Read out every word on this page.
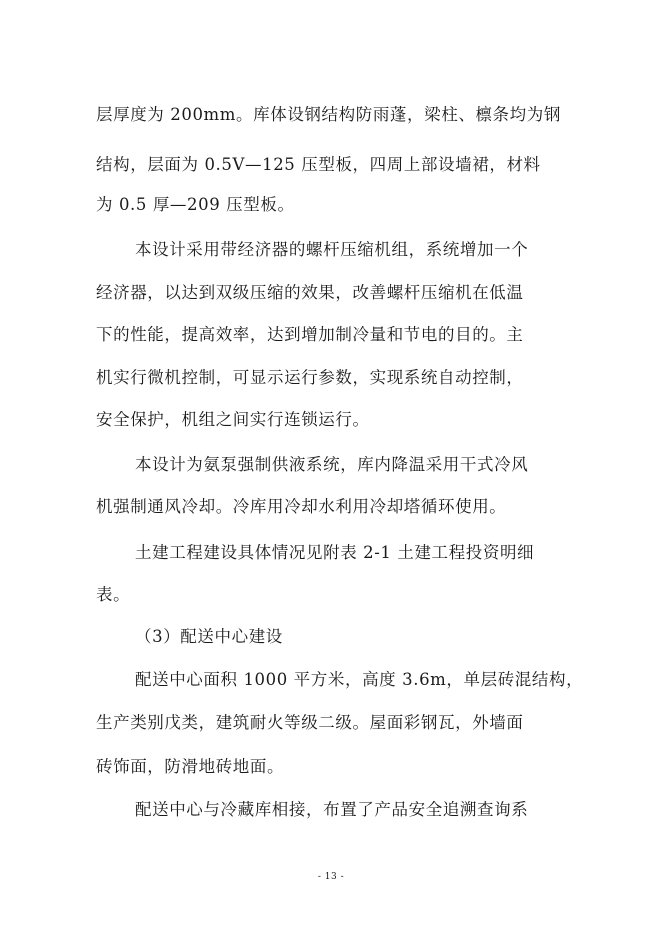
层厚度为 200mm。库体设钢结构防雨蓬，梁柱、檩条均为钢
结构，层面为 0.5V—125 压型板，四周上部设墙裙，材料
为 0.5 厚—209 压型板。
本设计采用带经济器的螺杆压缩机组，系统增加一个
经济器，以达到双级压缩的效果，改善螺杆压缩机在低温
下的性能，提高效率，达到增加制冷量和节电的目的。主
机实行微机控制，可显示运行参数，实现系统自动控制，
安全保护，机组之间实行连锁运行。
本设计为氨泵强制供液系统，库内降温采用干式冷风
机强制通风冷却。冷库用冷却水利用冷却塔循环使用。
土建工程建设具体情况见附表 2-1 土建工程投资明细
表。
（3）配送中心建设
配送中心面积 1000 平方米，高度 3.6m，单层砖混结构，
生产类别戊类，建筑耐火等级二级。屋面彩钢瓦，外墙面
砖饰面，防滑地砖地面。
配送中心与冷藏库相接，布置了产品安全追溯查询系
- 13 -
